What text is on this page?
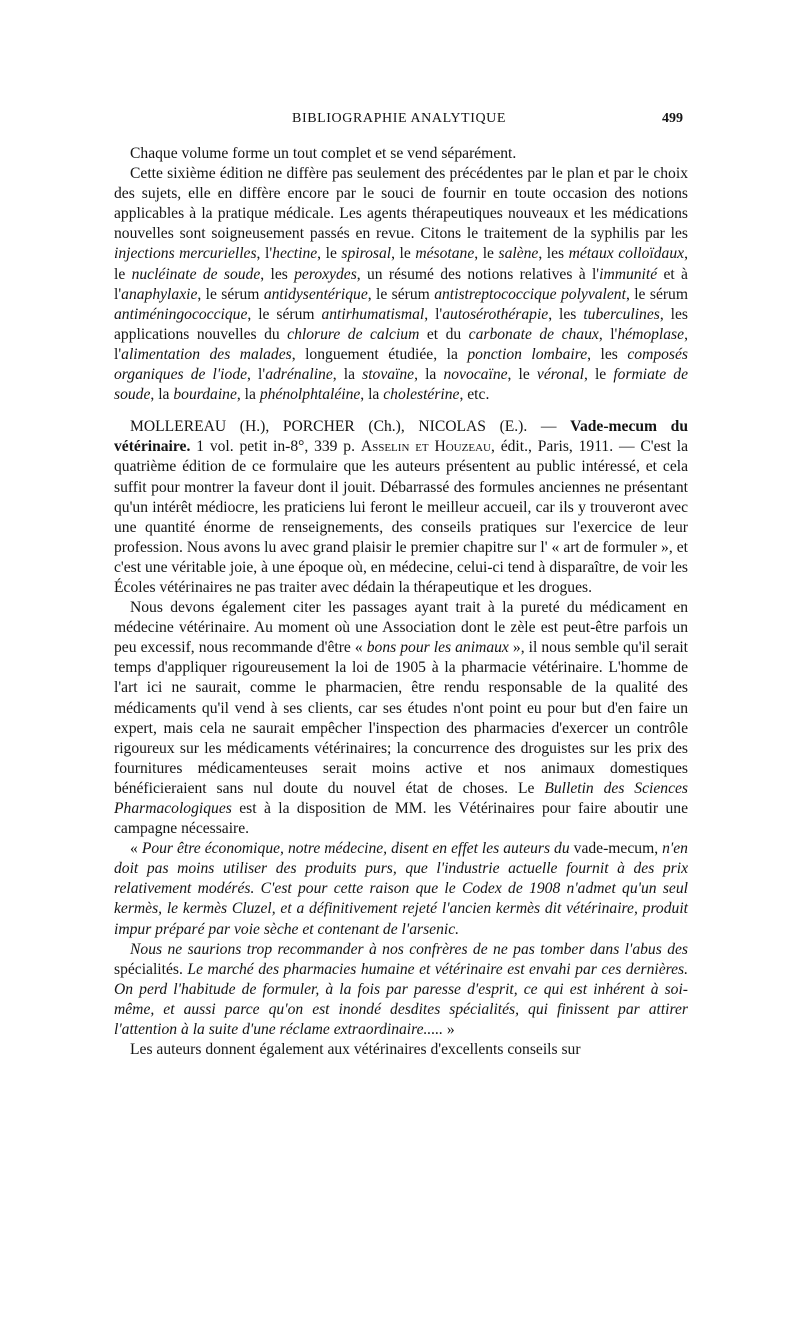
BIBLIOGRAPHIE ANALYTIQUE	499

Chaque volume forme un tout complet et se vend séparément.

Cette sixième édition ne diffère pas seulement des précédentes par le plan et par le choix des sujets, elle en diffère encore par le souci de fournir en toute occasion des notions applicables à la pratique médicale. Les agents thérapeutiques nouveaux et les médications nouvelles sont soigneusement passés en revue. Citons le traitement de la syphilis par les injections mercurielles, l'hectine, le spirosal, le mésotane, le salène, les métaux colloïdaux, le nucléinate de soude, les peroxydes, un résumé des notions relatives à l'immunité et à l'anaphylaxie, le sérum antidysentérique, le sérum antistreptococcique polyvalent, le sérum antiméningococcique, le sérum antirhumatismal, l'autosérothérapie, les tuberculines, les applications nouvelles du chlorure de calcium et du carbonate de chaux, l'hémoplase, l'alimentation des malades, longuement étudiée, la ponction lombaire, les composés organiques de l'iode, l'adrénaline, la stovaïne, la novocaïne, le véronal, le formiate de soude, la bourdaine, la phénolphtaléine, la cholestérine, etc.

MOLLEREAU (H.), PORCHER (Ch.), NICOLAS (E.). — Vade-mecum du vétérinaire. 1 vol. petit in-8°, 339 p. Asselin et Houzeau, édit., Paris, 1911. — C'est la quatrième édition de ce formulaire que les auteurs présentent au public intéressé, et cela suffit pour montrer la faveur dont il jouit. Débarrassé des formules anciennes ne présentant qu'un intérêt médiocre, les praticiens lui feront le meilleur accueil, car ils y trouveront avec une quantité énorme de renseignements, des conseils pratiques sur l'exercice de leur profession. Nous avons lu avec grand plaisir le premier chapitre sur l' « art de formuler », et c'est une véritable joie, à une époque où, en médecine, celui-ci tend à disparaître, de voir les Écoles vétérinaires ne pas traiter avec dédain la thérapeutique et les drogues.

Nous devons également citer les passages ayant trait à la pureté du médicament en médecine vétérinaire. Au moment où une Association dont le zèle est peut-être parfois un peu excessif, nous recommande d'être « bons pour les animaux », il nous semble qu'il serait temps d'appliquer rigoureusement la loi de 1905 à la pharmacie vétérinaire. L'homme de l'art ici ne saurait, comme le pharmacien, être rendu responsable de la qualité des médicaments qu'il vend à ses clients, car ses études n'ont point eu pour but d'en faire un expert, mais cela ne saurait empêcher l'inspection des pharmacies d'exercer un contrôle rigoureux sur les médicaments vétérinaires; la concurrence des droguistes sur les prix des fournitures médicamenteuses serait moins active et nos animaux domestiques bénéficieraient sans nul doute du nouvel état de choses. Le Bulletin des Sciences Pharmacologiques est à la disposition de MM. les Vétérinaires pour faire aboutir une campagne nécessaire.

« Pour être économique, notre médecine, disent en effet les auteurs du vade-mecum, n'en doit pas moins utiliser des produits purs, que l'industrie actuelle fournit à des prix relativement modérés. C'est pour cette raison que le Codex de 1908 n'admet qu'un seul kermès, le kermès Cluzel, et a définitivement rejeté l'ancien kermès dit vétérinaire, produit impur préparé par voie sèche et contenant de l'arsenic.

Nous ne saurions trop recommander à nos confrères de ne pas tomber dans l'abus des spécialités. Le marché des pharmacies humaine et vétérinaire est envahi par ces dernières. On perd l'habitude de formuler, à la fois par paresse d'esprit, ce qui est inhérent à soi-même, et aussi parce qu'on est inondé desdites spécialités, qui finissent par attirer l'attention à la suite d'une réclame extraordinaire..... »

Les auteurs donnent également aux vétérinaires d'excellents conseils sur
